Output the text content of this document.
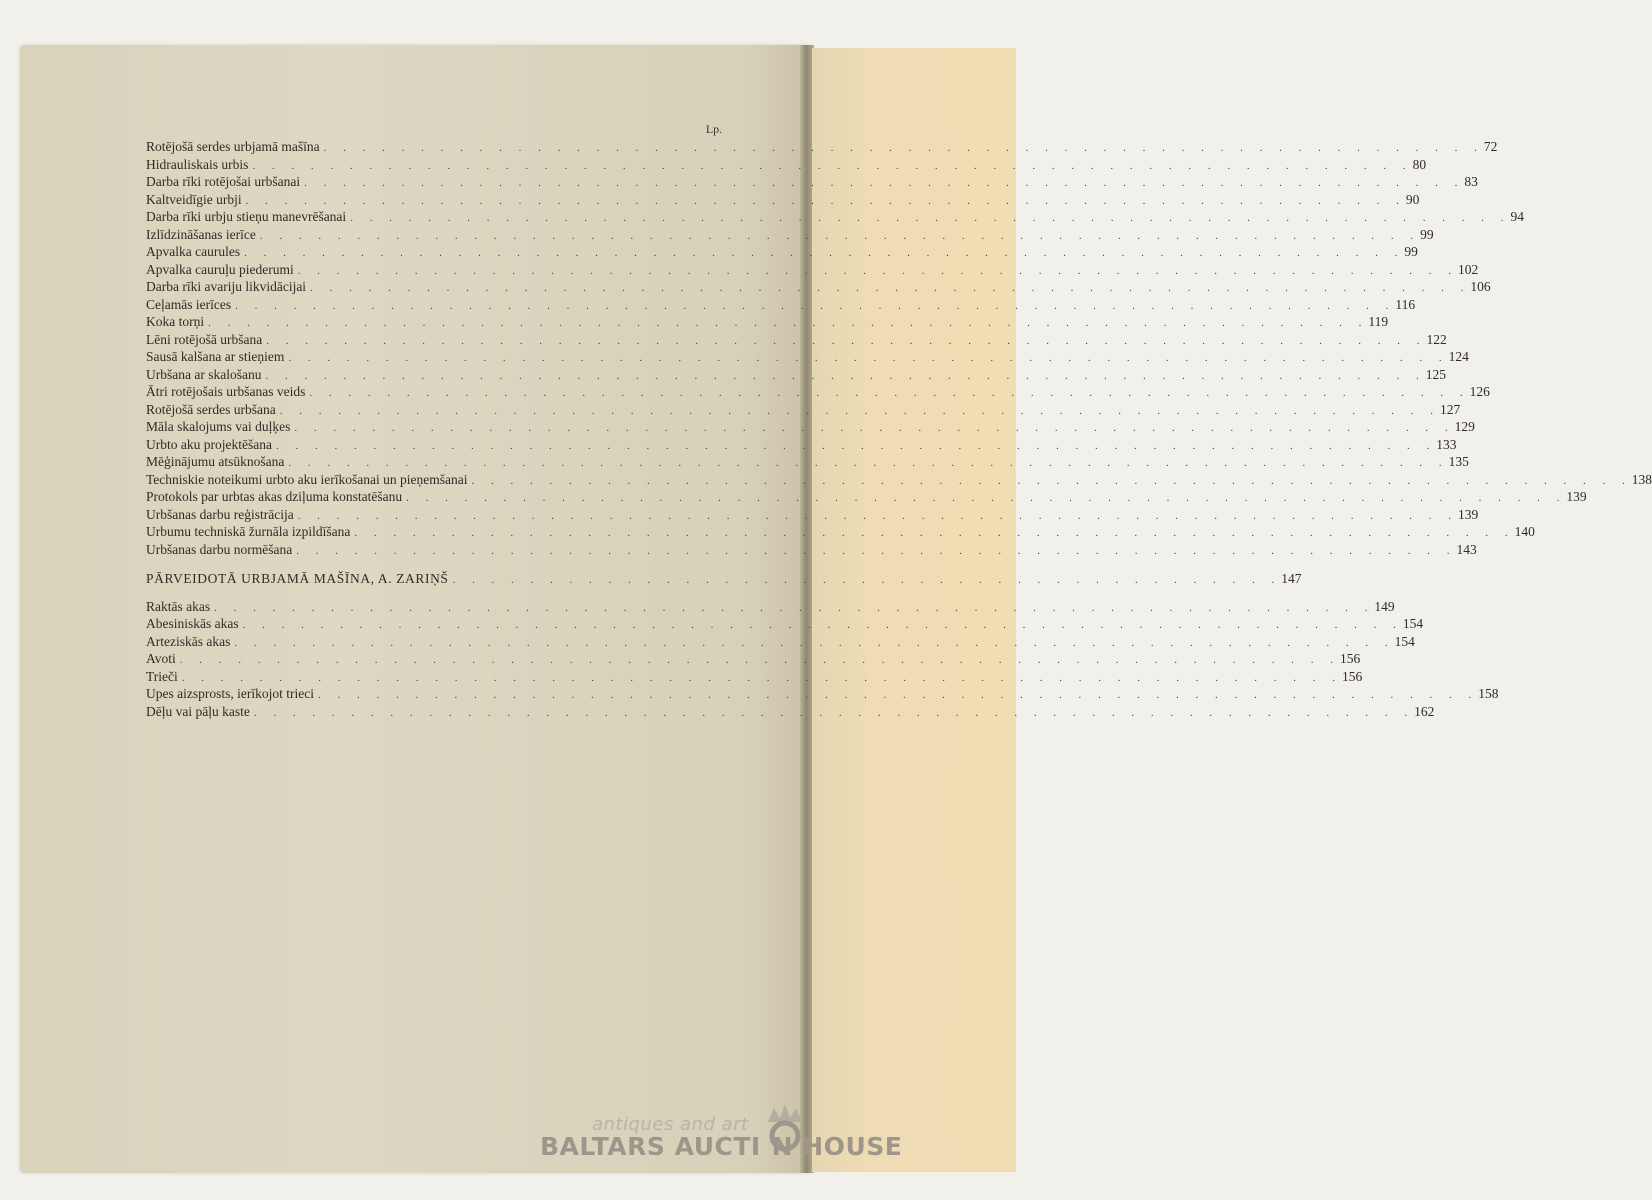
Lp.
Rotējošā serdes urbjamā mašīna . . . . . . . . . . . . . . . . . . . . . . . . . . . . . . . . . . . . . . . . . . . . . . . . . . . . . . . . . . . . 72
Hidrauliskais urbis . . . . . . . . . . . . . . . . . . . . . . . . . . . . . . . . . . . . . . . . . . . . . . . . . . . . . . . . . . . . 80
Darba rīki rotējošai urbšanai . . . . . . . . . . . . . . . . . . . . . . . . . . . . . . . . . . . . . . . . . . . . . . . . . . . . . . . . . . . . 83
Kaltveidīgie urbji . . . . . . . . . . . . . . . . . . . . . . . . . . . . . . . . . . . . . . . . . . . . . . . . . . . . . . . . . . . . 90
Darba rīki urbju stieņu manevrēšanai . . . . . . . . . . . . . . . . . . . . . . . . . . . . . . . . . . . . . . . . . . . . . . . . . . . . . . . . . . . . 94
Izlīdzināšanas ierīce . . . . . . . . . . . . . . . . . . . . . . . . . . . . . . . . . . . . . . . . . . . . . . . . . . . . . . . . . . . . 99
Apvalka caurules . . . . . . . . . . . . . . . . . . . . . . . . . . . . . . . . . . . . . . . . . . . . . . . . . . . . . . . . . . . . 99
Apvalka cauruļu piederumi . . . . . . . . . . . . . . . . . . . . . . . . . . . . . . . . . . . . . . . . . . . . . . . . . . . . . . . . . . . . 102
Darba rīki avariju likvidācijai . . . . . . . . . . . . . . . . . . . . . . . . . . . . . . . . . . . . . . . . . . . . . . . . . . . . . . . . . . . . 106
Ceļamās ierīces . . . . . . . . . . . . . . . . . . . . . . . . . . . . . . . . . . . . . . . . . . . . . . . . . . . . . . . . . . . . 116
Koka torņi . . . . . . . . . . . . . . . . . . . . . . . . . . . . . . . . . . . . . . . . . . . . . . . . . . . . . . . . . . . . 119
Lēni rotējošā urbšana . . . . . . . . . . . . . . . . . . . . . . . . . . . . . . . . . . . . . . . . . . . . . . . . . . . . . . . . . . . . 122
Sausā kalšana ar stieņiem . . . . . . . . . . . . . . . . . . . . . . . . . . . . . . . . . . . . . . . . . . . . . . . . . . . . . . . . . . . . 124
Urbšana ar skalošanu . . . . . . . . . . . . . . . . . . . . . . . . . . . . . . . . . . . . . . . . . . . . . . . . . . . . . . . . . . . . 125
Ātri rotējošais urbšanas veids . . . . . . . . . . . . . . . . . . . . . . . . . . . . . . . . . . . . . . . . . . . . . . . . . . . . . . . . . . . . 126
Rotējošā serdes urbšana . . . . . . . . . . . . . . . . . . . . . . . . . . . . . . . . . . . . . . . . . . . . . . . . . . . . . . . . . . . . 127
Māla skalojums vai duļķes . . . . . . . . . . . . . . . . . . . . . . . . . . . . . . . . . . . . . . . . . . . . . . . . . . . . . . . . . . . . 129
Urbto aku projektēšana . . . . . . . . . . . . . . . . . . . . . . . . . . . . . . . . . . . . . . . . . . . . . . . . . . . . . . . . . . . . 133
Mēģinājumu atsūknošana . . . . . . . . . . . . . . . . . . . . . . . . . . . . . . . . . . . . . . . . . . . . . . . . . . . . . . . . . . . . 135
Techniskie noteikumi urbto aku ierīkošanai un pieņemšanai . . . . . . . . . . . . . . . . . . . . . . . . . . . . . . . . . . . . . . . . . . . . . . . . . . . . . . . . . . . . 138
Protokols par urbtas akas dziļuma konstatēšanu . . . . . . . . . . . . . . . . . . . . . . . . . . . . . . . . . . . . . . . . . . . . . . . . . . . . . . . . . . . . 139
Urbšanas darbu reģistrācija . . . . . . . . . . . . . . . . . . . . . . . . . . . . . . . . . . . . . . . . . . . . . . . . . . . . . . . . . . . . 139
Urbumu techniskā žurnāla izpildīšana . . . . . . . . . . . . . . . . . . . . . . . . . . . . . . . . . . . . . . . . . . . . . . . . . . . . . . . . . . . . 140
Urbšanas darbu normēšana . . . . . . . . . . . . . . . . . . . . . . . . . . . . . . . . . . . . . . . . . . . . . . . . . . . . . . . . . . . . 143
PĀRVEIDOTĀ URBJAMĀ MAŠĪNA, A. ZARIŅŠ . . . . . . . . . . . . . . . . . . . . . . . . . . . . . . . . . . . . . . . . . . . 147
Raktās akas . . . . . . . . . . . . . . . . . . . . . . . . . . . . . . . . . . . . . . . . . . . . . . . . . . . . . . . . . . . . 149
Abesiniskās akas . . . . . . . . . . . . . . . . . . . . . . . . . . . . . . . . . . . . . . . . . . . . . . . . . . . . . . . . . . . . 154
Arteziskās akas . . . . . . . . . . . . . . . . . . . . . . . . . . . . . . . . . . . . . . . . . . . . . . . . . . . . . . . . . . . . 154
Avoti . . . . . . . . . . . . . . . . . . . . . . . . . . . . . . . . . . . . . . . . . . . . . . . . . . . . . . . . . . . . 156
Trieči . . . . . . . . . . . . . . . . . . . . . . . . . . . . . . . . . . . . . . . . . . . . . . . . . . . . . . . . . . . . 156
Upes aizsprosts, ierīkojot trieci . . . . . . . . . . . . . . . . . . . . . . . . . . . . . . . . . . . . . . . . . . . . . . . . . . . . . . . . . . . . 158
Dēļu vai pāļu kaste . . . . . . . . . . . . . . . . . . . . . . . . . . . . . . . . . . . . . . . . . . . . . . . . . . . . . . . . . . . . 162
antiques and art
BALTARS AUCTI  N HOUSE
